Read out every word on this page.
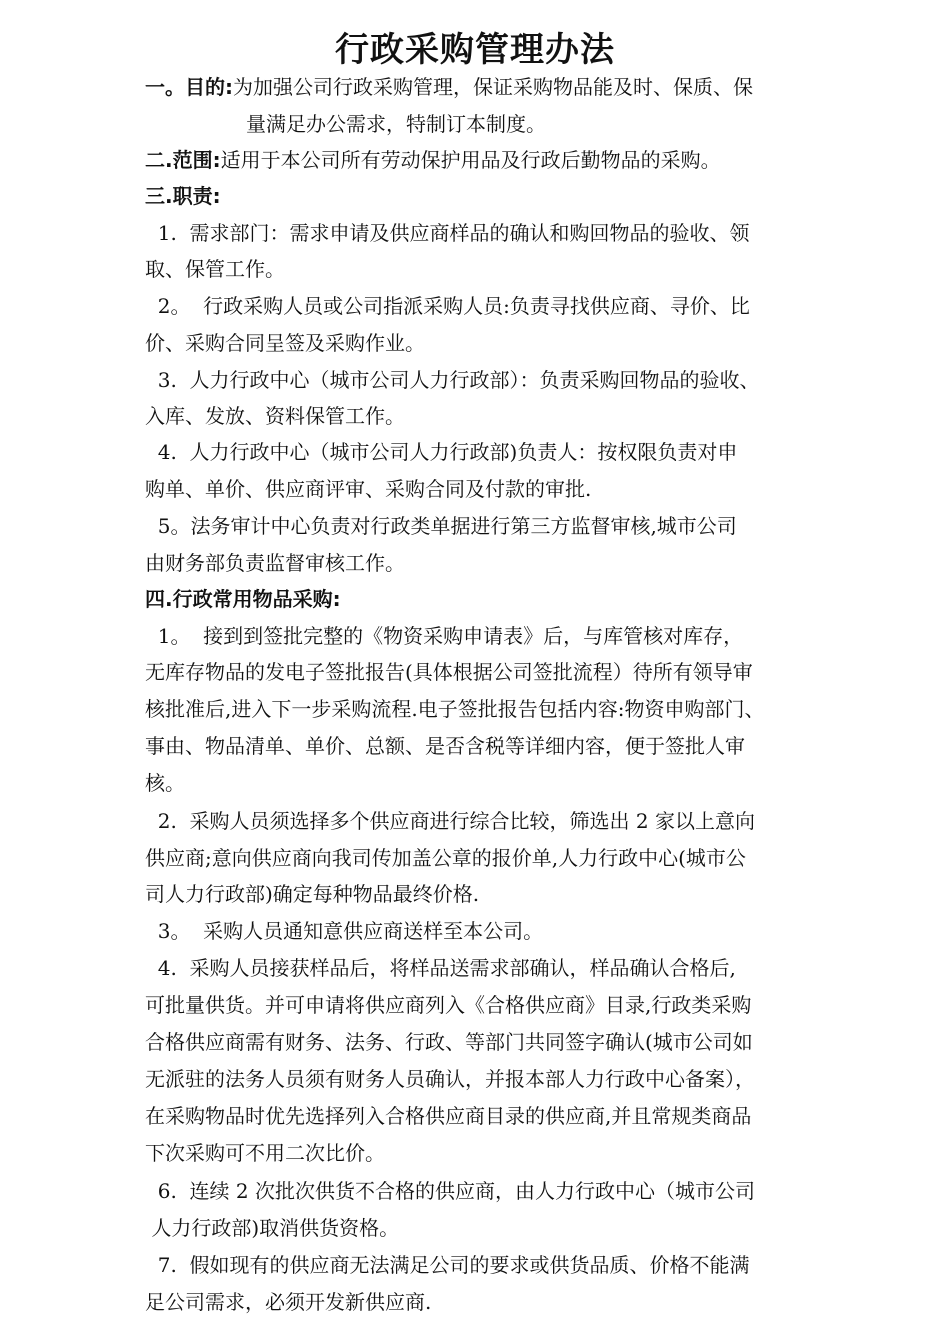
行政采购管理办法
一。目的:为加强公司行政采购管理，保证采购物品能及时、保质、保
量满足办公需求，特制订本制度。
二.范围:适用于本公司所有劳动保护用品及行政后勤物品的采购。
三.职责:
1.  需求部门：需求申请及供应商样品的确认和购回物品的验收、领
取、保管工作。
2。  行政采购人员或公司指派采购人员:负责寻找供应商、寻价、比
价、采购合同呈签及采购作业。
3.  人力行政中心（城市公司人力行政部）：负责采购回物品的验收、
入库、发放、资料保管工作。
4.  人力行政中心（城市公司人力行政部)负责人：按权限负责对申
购单、单价、供应商评审、采购合同及付款的审批.
5。法务审计中心负责对行政类单据进行第三方监督审核,城市公司
由财务部负责监督审核工作。
四.行政常用物品采购:
1。  接到到签批完整的《物资采购申请表》后，与库管核对库存，
无库存物品的发电子签批报告(具体根据公司签批流程）待所有领导审
核批准后,进入下一步采购流程.电子签批报告包括内容:物资申购部门、
事由、物品清单、单价、总额、是否含税等详细内容，便于签批人审
核。
2.  采购人员须选择多个供应商进行综合比较，筛选出 2 家以上意向
供应商;意向供应商向我司传加盖公章的报价单,人力行政中心(城市公
司人力行政部)确定每种物品最终价格.
3。  采购人员通知意供应商送样至本公司。
4.  采购人员接获样品后，将样品送需求部确认，样品确认合格后,
可批量供货。并可申请将供应商列入《合格供应商》目录,行政类采购
合格供应商需有财务、法务、行政、等部门共同签字确认(城市公司如
无派驻的法务人员须有财务人员确认，并报本部人力行政中心备案），
在采购物品时优先选择列入合格供应商目录的供应商,并且常规类商品
下次采购可不用二次比价。
6.  连续 2 次批次供货不合格的供应商，由人力行政中心（城市公司
人力行政部)取消供货资格。
7.  假如现有的供应商无法满足公司的要求或供货品质、价格不能满
足公司需求，必须开发新供应商.
